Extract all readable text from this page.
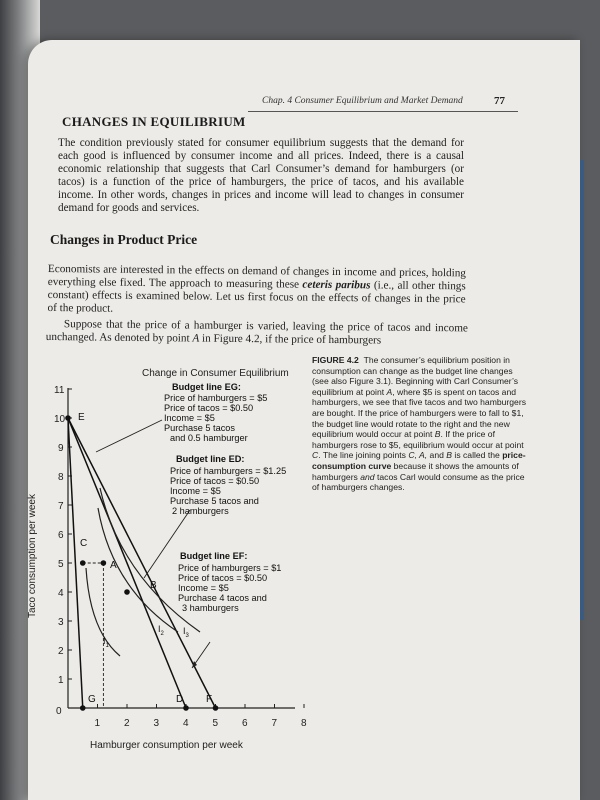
Chap. 4 Consumer Equilibrium and Market Demand	77
CHANGES IN EQUILIBRIUM
The condition previously stated for consumer equilibrium suggests that the demand for each good is influenced by consumer income and all prices. Indeed, there is a causal economic relationship that suggests that Carl Consumer’s demand for hamburgers (or tacos) is a function of the price of hamburgers, the price of tacos, and his available income. In other words, changes in prices and income will lead to changes in consumer demand for goods and services.
Changes in Product Price
Economists are interested in the effects on demand of changes in income and prices, holding everything else fixed. The approach to measuring these ceteris paribus (i.e., all other things constant) effects is examined below. Let us first focus on the effects of changes in the price of the product.
Suppose that the price of a hamburger is varied, leaving the price of tacos and income unchanged. As denoted by point A in Figure 4.2, if the price of hamburgers
FIGURE 4.2 The consumer’s equilibrium position in consumption can change as the budget line changes (see also Figure 3.1). Beginning with Carl Consumer’s equilibrium at point A, where $5 is spent on tacos and hamburgers, we see that five tacos and two hamburgers are bought. If the price of hamburgers were to fall to $1, the budget line would rotate to the right and the new equilibrium would occur at point B. If the price of hamburgers rose to $5, equilibrium would occur at point C. The line joining points C, A, and B is called the price-consumption curve because it shows the amounts of hamburgers and tacos Carl would consume as the price of hamburgers changes.
Change in Consumer Equilibrium
1 2 3 4 5 6 7 8
1
2
3
4
5
6
7
8
9
10
11
0
Taco consumption per week
Hamburger consumption per week
E
C
A
B
G	D F
$I_1$
$I_2$ $I_3$
Budget line EG:
Price of hamburgers = $5
Price of tacos = $0.50
Income = $5
Purchase 5 tacos
and 0.5 hamburger
Budget line ED:
Price of hamburgers = $1.25
Price of tacos = $0.50
Income = $5
Purchase 5 tacos and
2 hamburgers
Budget line EF:
Price of hamburgers = $1
Price of tacos = $0.50
Income = $5
Purchase 4 tacos and
3 hamburgers
